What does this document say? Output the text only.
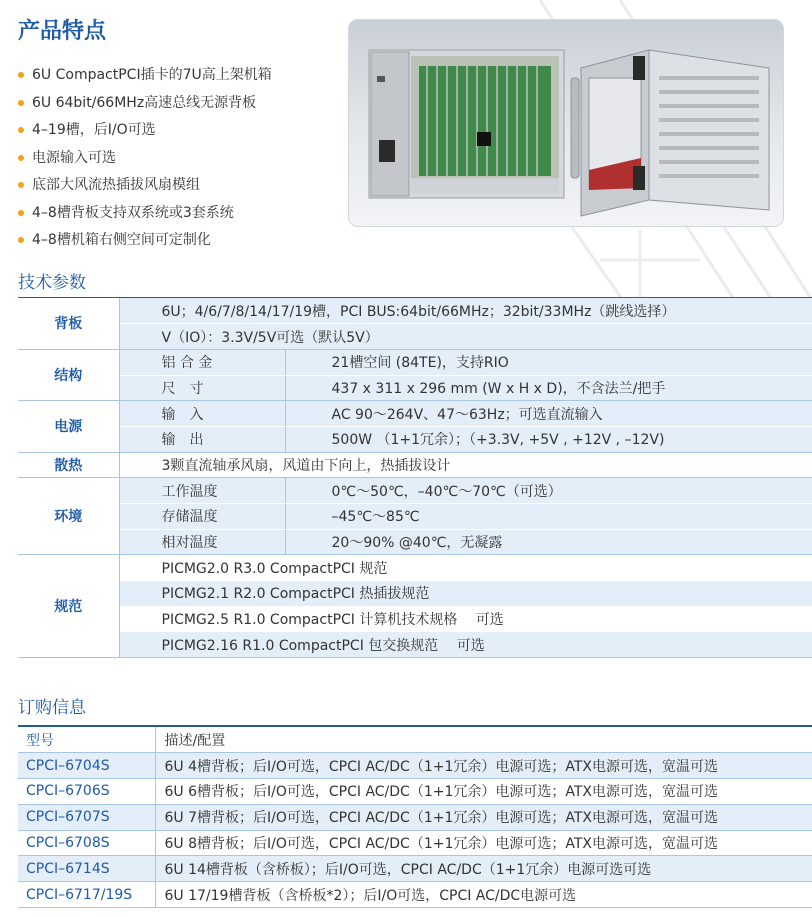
产品特点
6U CompactPCI插卡的7U高上架机箱
6U 64bit/66MHz高速总线无源背板
4–19槽，后I/O可选
电源输入可选
底部大风流热插拔风扇模组
4–8槽背板支持双系统或3套系统
4–8槽机箱右侧空间可定制化
技术参数
背板	6U；4/6/7/8/14/17/19槽，PCI BUS:64bit/66MHz；32bit/33MHz（跳线选择）	
	V（IO）：3.3V/5V可选（默认5V）	
结构	铝 合 金	21槽空间 (84TE)，支持RIO
	尺　寸	437 x 311 x 296 mm (W x H x D)，不含法兰/把手
电源	输　入	AC 90～264V、47～63Hz；可选直流输入
	输　出	500W （1+1冗余）；（+3.3V, +5V , +12V , –12V)
散热	3颗直流轴承风扇，风道由下向上，热插拔设计	
环境	工作温度	0℃～50℃，–40℃～70℃（可选）
	存储温度	–45℃～85℃
	相对温度	20～90% @40℃，无凝露
规范	PICMG2.0 R3.0 CompactPCI 规范	
	PICMG2.1 R2.0 CompactPCI 热插拔规范	
	PICMG2.5 R1.0 CompactPCI 计算机技术规格　 可选	
	PICMG2.16 R1.0 CompactPCI 包交换规范　 可选	
订购信息
型号	描述/配置
CPCI–6704S	6U 4槽背板；后I/O可选，CPCI AC/DC（1+1冗余）电源可选；ATX电源可选，宽温可选
CPCI–6706S	6U 6槽背板；后I/O可选，CPCI AC/DC（1+1冗余）电源可选；ATX电源可选，宽温可选
CPCI–6707S	6U 7槽背板；后I/O可选，CPCI AC/DC（1+1冗余）电源可选；ATX电源可选，宽温可选
CPCI–6708S	6U 8槽背板；后I/O可选，CPCI AC/DC（1+1冗余）电源可选；ATX电源可选，宽温可选
CPCI–6714S	6U 14槽背板（含桥板）；后I/O可选，CPCI AC/DC（1+1冗余）电源可选可选
CPCI–6717/19S	6U 17/19槽背板（含桥板*2）；后I/O可选，CPCI AC/DC电源可选
